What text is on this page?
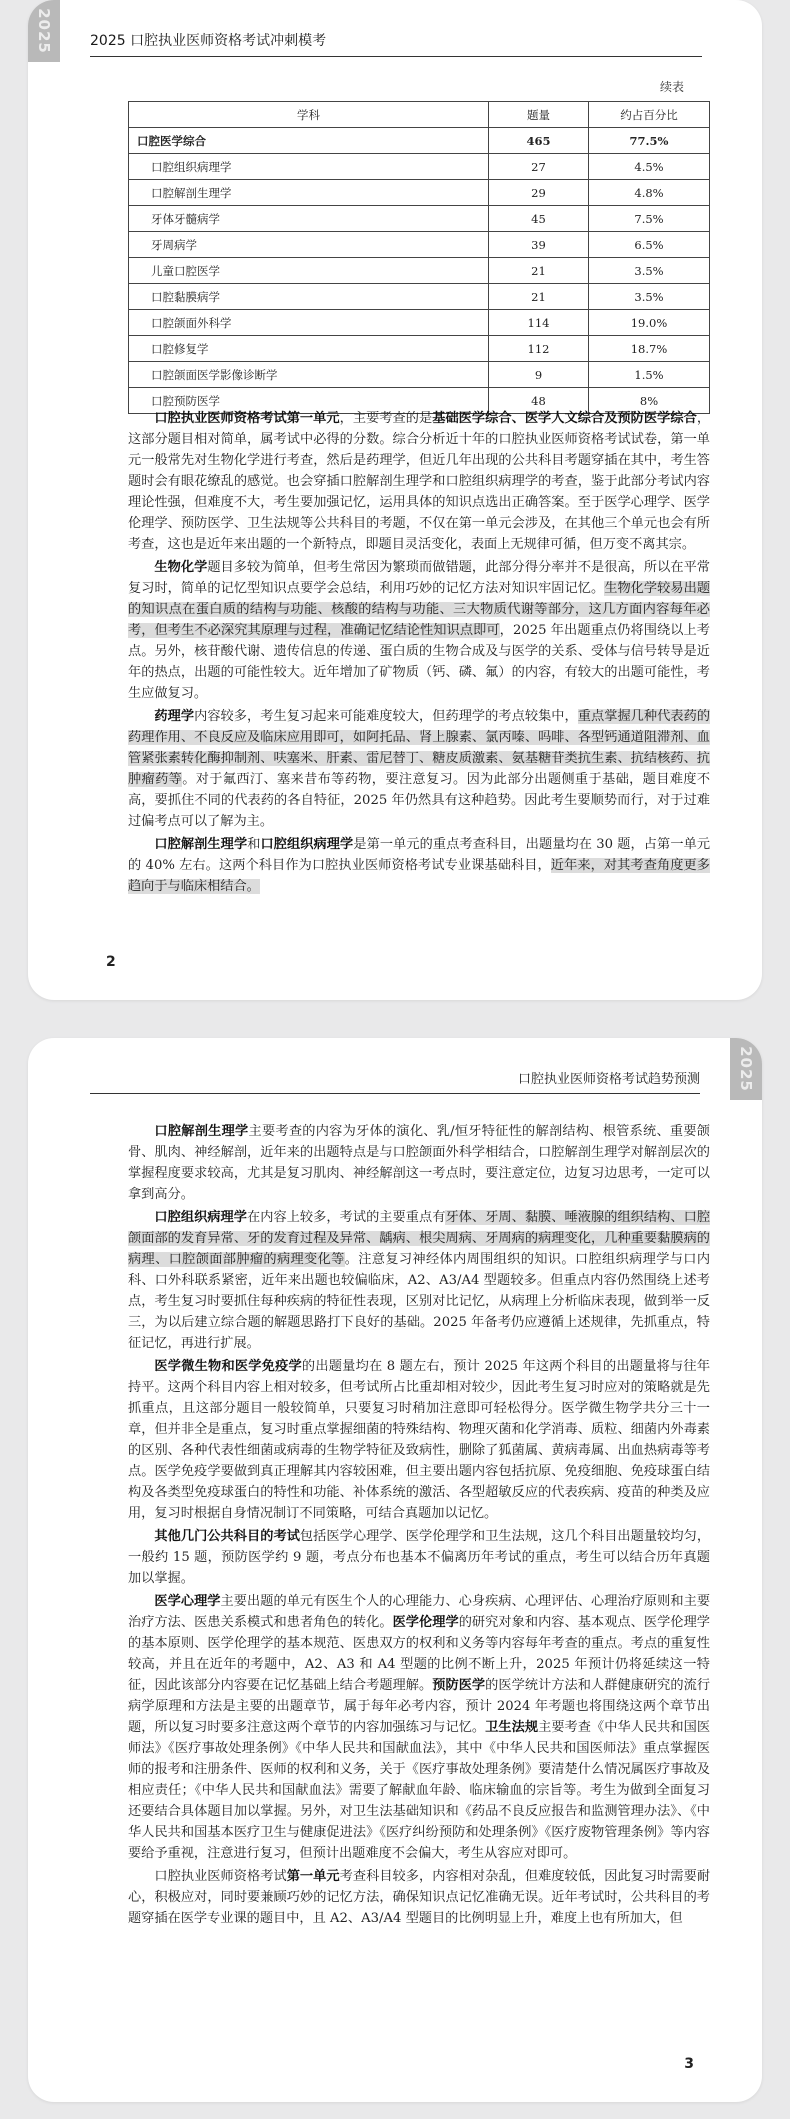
2025	2025 口腔执业医师资格考试冲刺模考
续表
学科	题量	约占百分比
口腔医学综合	465	77.5%
口腔组织病理学	27	4.5%
口腔解剖生理学	29	4.8%
牙体牙髓病学	45	7.5%
牙周病学	39	6.5%
儿童口腔医学	21	3.5%
口腔黏膜病学	21	3.5%
口腔颌面外科学	114	19.0%
口腔修复学	112	18.7%
口腔颌面医学影像诊断学	9	1.5%
口腔预防医学	48	8%

口腔执业医师资格考试第一单元，主要考查的是基础医学综合、医学人文综合及预防医学综合，这部分题目相对简单，属考试中必得的分数。综合分析近十年的口腔执业医师资格考试试卷，第一单元一般常先对生物化学进行考查，然后是药理学，但近几年出现的公共科目考题穿插在其中，考生答题时会有眼花缭乱的感觉。也会穿插口腔解剖生理学和口腔组织病理学的考查，鉴于此部分考试内容理论性强，但难度不大，考生要加强记忆，运用具体的知识点选出正确答案。至于医学心理学、医学伦理学、预防医学、卫生法规等公共科目的考题，不仅在第一单元会涉及，在其他三个单元也会有所考查，这也是近年来出题的一个新特点，即题目灵活变化，表面上无规律可循，但万变不离其宗。

生物化学题目多较为简单，但考生常因为繁琐而做错题，此部分得分率并不是很高，所以在平常复习时，简单的记忆型知识点要学会总结，利用巧妙的记忆方法对知识牢固记忆。生物化学较易出题的知识点在蛋白质的结构与功能、核酸的结构与功能、三大物质代谢等部分，这几方面内容每年必考，但考生不必深究其原理与过程，准确记忆结论性知识点即可，2025 年出题重点仍将围绕以上考点。另外，核苷酸代谢、遗传信息的传递、蛋白质的生物合成及与医学的关系、受体与信号转导是近年的热点，出题的可能性较大。近年增加了矿物质（钙、磷、氟）的内容，有较大的出题可能性，考生应做复习。

药理学内容较多，考生复习起来可能难度较大，但药理学的考点较集中，重点掌握几种代表药的药理作用、不良反应及临床应用即可，如阿托品、肾上腺素、氯丙嗪、吗啡、各型钙通道阻滞剂、血管紧张素转化酶抑制剂、呋塞米、肝素、雷尼替丁、糖皮质激素、氨基糖苷类抗生素、抗结核药、抗肿瘤药等。对于氟西汀、塞来昔布等药物，要注意复习。因为此部分出题侧重于基础，题目难度不高，要抓住不同的代表药的各自特征，2025 年仍然具有这种趋势。因此考生要顺势而行，对于过难过偏考点可以了解为主。

口腔解剖生理学和口腔组织病理学是第一单元的重点考查科目，出题量均在 30 题，占第一单元的 40% 左右。这两个科目作为口腔执业医师资格考试专业课基础科目，近年来，对其考查角度更多趋向于与临床相结合。

2
2025
口腔执业医师资格考试趋势预测

口腔解剖生理学主要考查的内容为牙体的演化、乳/恒牙特征性的解剖结构、根管系统、重要颌骨、肌肉、神经解剖，近年来的出题特点是与口腔颌面外科学相结合，口腔解剖生理学对解剖层次的掌握程度要求较高，尤其是复习肌肉、神经解剖这一考点时，要注意定位，边复习边思考，一定可以拿到高分。

口腔组织病理学在内容上较多，考试的主要重点有牙体、牙周、黏膜、唾液腺的组织结构、口腔颌面部的发育异常、牙的发育过程及异常、龋病、根尖周病、牙周病的病理变化，几种重要黏膜病的病理、口腔颌面部肿瘤的病理变化等。注意复习神经体内周围组织的知识。口腔组织病理学与口内科、口外科联系紧密，近年来出题也较偏临床，A2、A3/A4 型题较多。但重点内容仍然围绕上述考点，考生复习时要抓住每种疾病的特征性表现，区别对比记忆，从病理上分析临床表现，做到举一反三，为以后建立综合题的解题思路打下良好的基础。2025 年备考仍应遵循上述规律，先抓重点，特征记忆，再进行扩展。

医学微生物和医学免疫学的出题量均在 8 题左右，预计 2025 年这两个科目的出题量将与往年持平。这两个科目内容上相对较多，但考试所占比重却相对较少，因此考生复习时应对的策略就是先抓重点，且这部分题目一般较简单，只要复习时稍加注意即可轻松得分。医学微生物学共分三十一章，但并非全是重点，复习时重点掌握细菌的特殊结构、物理灭菌和化学消毒、质粒、细菌内外毒素的区别、各种代表性细菌或病毒的生物学特征及致病性，删除了狐菌属、黄病毒属、出血热病毒等考点。医学免疫学要做到真正理解其内容较困难，但主要出题内容包括抗原、免疫细胞、免疫球蛋白结构及各类型免疫球蛋白的特性和功能、补体系统的激活、各型超敏反应的代表疾病、疫苗的种类及应用，复习时根据自身情况制订不同策略，可结合真题加以记忆。

其他几门公共科目的考试包括医学心理学、医学伦理学和卫生法规，这几个科目出题量较均匀，一般约 15 题，预防医学约 9 题，考点分布也基本不偏离历年考试的重点，考生可以结合历年真题加以掌握。

医学心理学主要出题的单元有医生个人的心理能力、心身疾病、心理评估、心理治疗原则和主要治疗方法、医患关系模式和患者角色的转化。医学伦理学的研究对象和内容、基本观点、医学伦理学的基本原则、医学伦理学的基本规范、医患双方的权利和义务等内容每年考查的重点。考点的重复性较高，并且在近年的考题中，A2、A3 和 A4 型题的比例不断上升，2025 年预计仍将延续这一特征，因此该部分内容要在记忆基础上结合考题理解。预防医学的医学统计方法和人群健康研究的流行病学原理和方法是主要的出题章节，属于每年必考内容，预计 2024 年考题也将围绕这两个章节出题，所以复习时要多注意这两个章节的内容加强练习与记忆。卫生法规主要考查《中华人民共和国医师法》《医疗事故处理条例》《中华人民共和国献血法》，其中《中华人民共和国医师法》重点掌握医师的报考和注册条件、医师的权利和义务，关于《医疗事故处理条例》要清楚什么情况属医疗事故及相应责任；《中华人民共和国献血法》需要了解献血年龄、临床输血的宗旨等。考生为做到全面复习还要结合具体题目加以掌握。另外，对卫生法基础知识和《药品不良反应报告和监测管理办法》、《中华人民共和国基本医疗卫生与健康促进法》《医疗纠纷预防和处理条例》《医疗废物管理条例》等内容要给予重视，注意进行复习，但预计出题难度不会偏大，考生从容应对即可。

口腔执业医师资格考试第一单元考查科目较多，内容相对杂乱，但难度较低，因此复习时需要耐心，积极应对，同时要兼顾巧妙的记忆方法，确保知识点记忆准确无误。近年考试时，公共科目的考题穿插在医学专业课的题目中，且 A2、A3/A4 型题目的比例明显上升，难度上也有所加大，但

3
